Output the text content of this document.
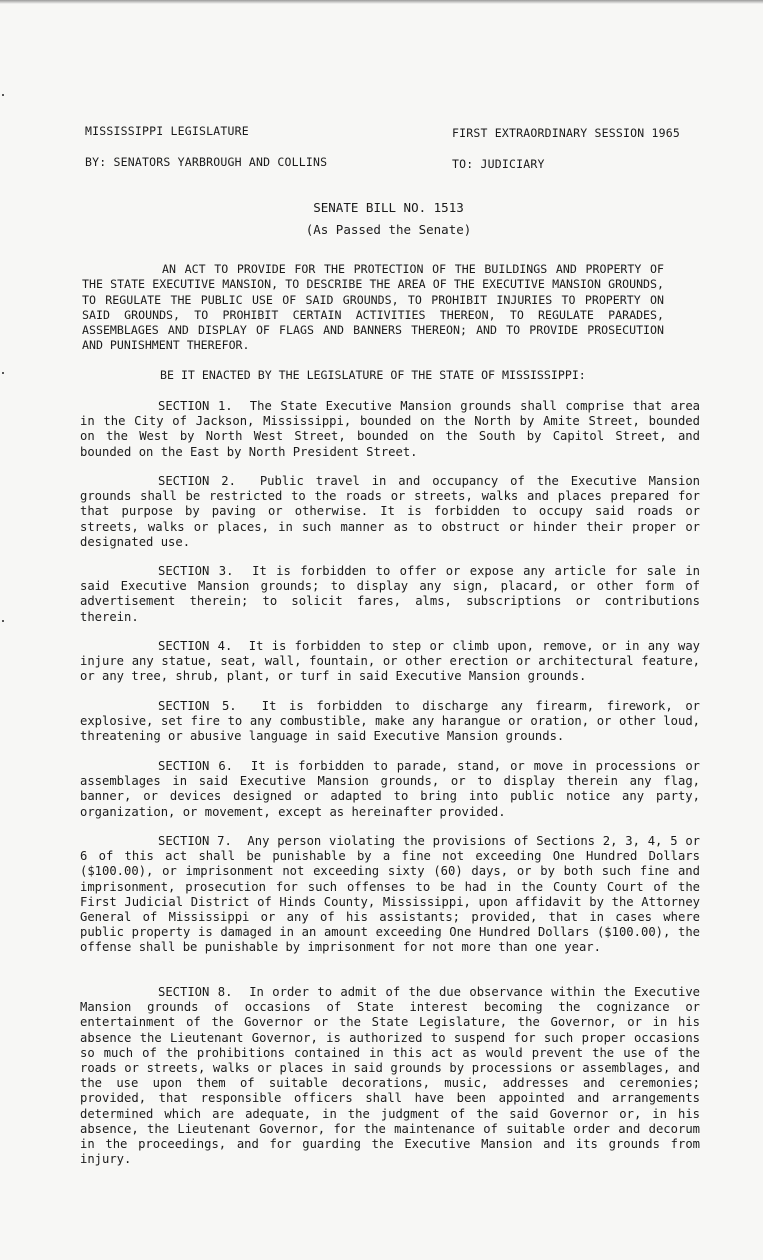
MISSISSIPPI LEGISLATURE	FIRST EXTRAORDINARY SESSION 1965
BY: SENATORS YARBROUGH AND COLLINS	TO: JUDICIARY
SENATE BILL NO. 1513
(As Passed the Senate)

AN ACT TO PROVIDE FOR THE PROTECTION OF THE BUILDINGS AND PROPERTY OF THE STATE EXECUTIVE MANSION, TO DESCRIBE THE AREA OF THE EXECUTIVE MANSION GROUNDS, TO REGULATE THE PUBLIC USE OF SAID GROUNDS, TO PROHIBIT INJURIES TO PROPERTY ON SAID GROUNDS, TO PROHIBIT CERTAIN ACTIVITIES THEREON, TO REGULATE PARADES, ASSEMBLAGES AND DISPLAY OF FLAGS AND BANNERS THEREON; AND TO PROVIDE PROSECUTION AND PUNISHMENT THEREFOR.

BE IT ENACTED BY THE LEGISLATURE OF THE STATE OF MISSISSIPPI:

SECTION 1. The State Executive Mansion grounds shall comprise that area in the City of Jackson, Mississippi, bounded on the North by Amite Street, bounded on the West by North West Street, bounded on the South by Capitol Street, and bounded on the East by North President Street.

SECTION 2. Public travel in and occupancy of the Executive Mansion grounds shall be restricted to the roads or streets, walks and places prepared for that purpose by paving or otherwise. It is forbidden to occupy said roads or streets, walks or places, in such manner as to obstruct or hinder their proper or designated use.

SECTION 3. It is forbidden to offer or expose any article for sale in said Executive Mansion grounds; to display any sign, placard, or other form of advertisement therein; to solicit fares, alms, subscriptions or contributions therein.

SECTION 4. It is forbidden to step or climb upon, remove, or in any way injure any statue, seat, wall, fountain, or other erection or architectural feature, or any tree, shrub, plant, or turf in said Executive Mansion grounds.

SECTION 5. It is forbidden to discharge any firearm, firework, or explosive, set fire to any combustible, make any harangue or oration, or other loud, threatening or abusive language in said Executive Mansion grounds.

SECTION 6. It is forbidden to parade, stand, or move in processions or assemblages in said Executive Mansion grounds, or to display therein any flag, banner, or devices designed or adapted to bring into public notice any party, organization, or movement, except as hereinafter provided.

SECTION 7. Any person violating the provisions of Sections 2, 3, 4, 5 or 6 of this act shall be punishable by a fine not exceeding One Hundred Dollars ($100.00), or imprisonment not exceeding sixty (60) days, or by both such fine and imprisonment, prosecution for such offenses to be had in the County Court of the First Judicial District of Hinds County, Mississippi, upon affidavit by the Attorney General of Mississippi or any of his assistants; provided, that in cases where public property is damaged in an amount exceeding One Hundred Dollars ($100.00), the offense shall be punishable by imprisonment for not more than one year.

SECTION 8. In order to admit of the due observance within the Executive Mansion grounds of occasions of State interest becoming the cognizance or entertainment of the Governor or the State Legislature, the Governor, or in his absence the Lieutenant Governor, is authorized to suspend for such proper occasions so much of the prohibitions contained in this act as would prevent the use of the roads or streets, walks or places in said grounds by processions or assemblages, and the use upon them of suitable decorations, music, addresses and ceremonies; provided, that responsible officers shall have been appointed and arrangements determined which are adequate, in the judgment of the said Governor or, in his absence, the Lieutenant Governor, for the maintenance of suitable order and decorum in the proceedings, and for guarding the Executive Mansion and its grounds from injury.
